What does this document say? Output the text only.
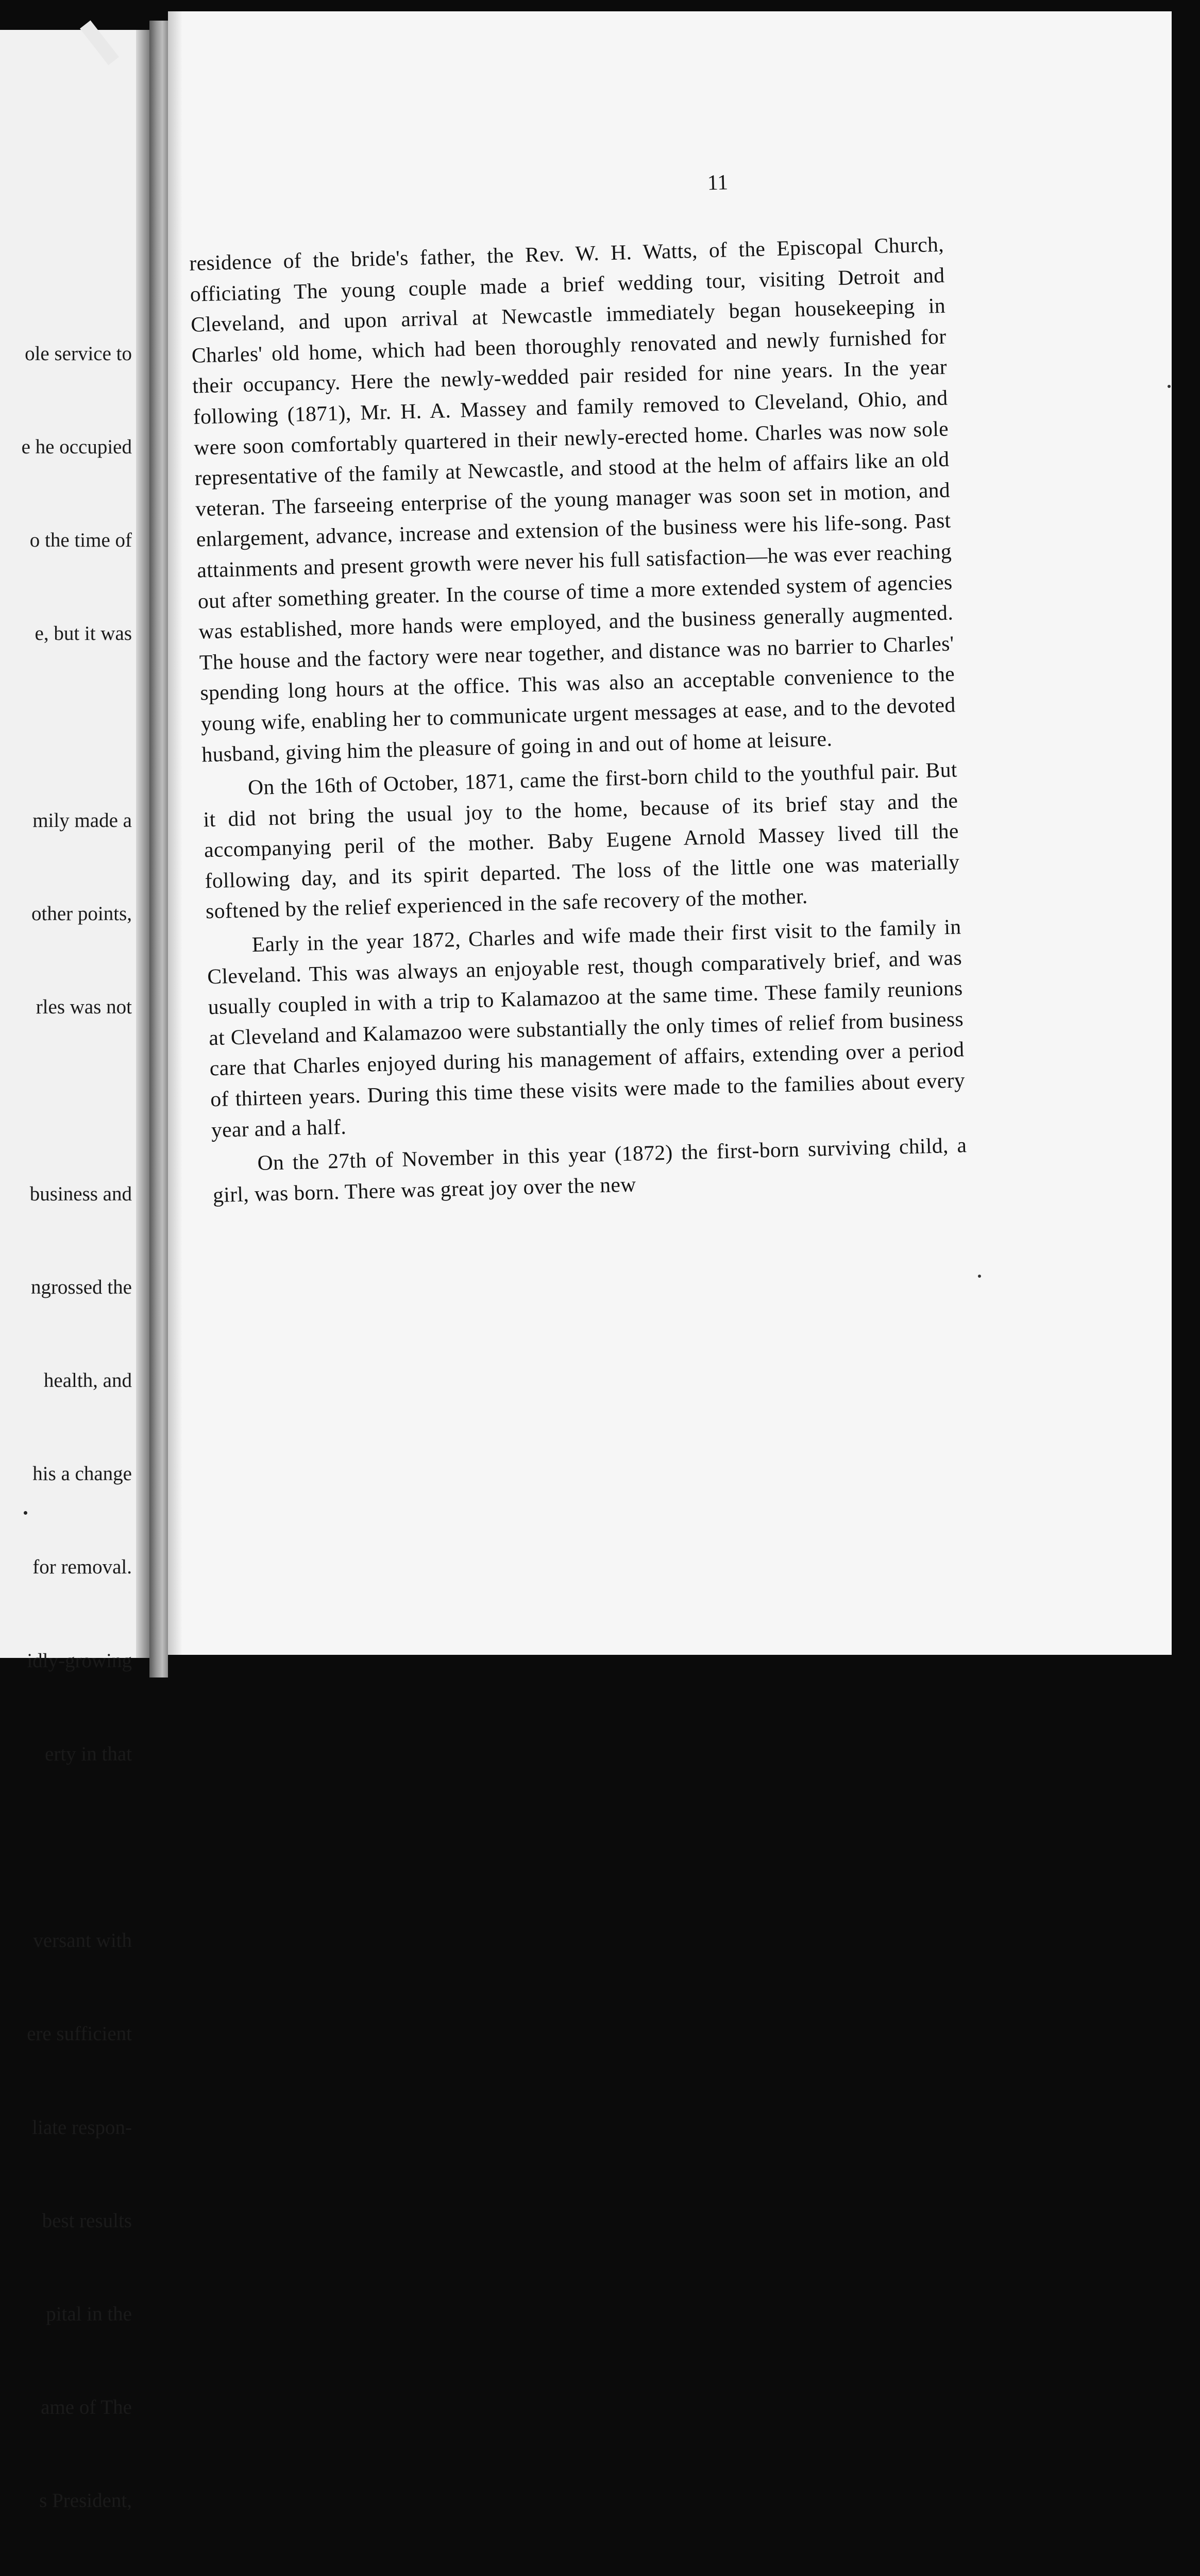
ole service to

e he occupied

o the time of

e, but it was

mily made a

other points,

rles was not

business and

ngrossed the

health, and

his a change

for removal.

idly-growing

erty in that

versant with

ere sufficient

liate respon-

best results

pital in the

ame of The

s President,

11

residence of the bride's father, the Rev. W. H. Watts, of the Episcopal Church, officiating The young couple made a brief wedding tour, visiting Detroit and Cleveland, and upon arrival at Newcastle immediately began housekeeping in Charles' old home, which had been thoroughly renovated and newly furnished for their occupancy. Here the newly-wedded pair resided for nine years. In the year following (1871), Mr. H. A. Massey and family removed to Cleveland, Ohio, and were soon comfortably quartered in their newly-erected home. Charles was now sole representative of the family at Newcastle, and stood at the helm of affairs like an old veteran. The farseeing enterprise of the young manager was soon set in motion, and enlargement, advance, increase and extension of the business were his life-song. Past attainments and present growth were never his full satisfaction—he was ever reaching out after something greater. In the course of time a more extended system of agencies was established, more hands were employed, and the business generally augmented. The house and the factory were near together, and distance was no barrier to Charles' spending long hours at the office. This was also an acceptable convenience to the young wife, enabling her to communicate urgent messages at ease, and to the devoted husband, giving him the pleasure of going in and out of home at leisure.

On the 16th of October, 1871, came the first-born child to the youthful pair. But it did not bring the usual joy to the home, because of its brief stay and the accompanying peril of the mother. Baby Eugene Arnold Massey lived till the following day, and its spirit departed. The loss of the little one was materially softened by the relief experienced in the safe recovery of the mother.

Early in the year 1872, Charles and wife made their first visit to the family in Cleveland. This was always an enjoyable rest, though comparatively brief, and was usually coupled in with a trip to Kalamazoo at the same time. These family reunions at Cleveland and Kalamazoo were substantially the only times of relief from business care that Charles enjoyed during his management of affairs, extending over a period of thirteen years. During this time these visits were made to the families about every year and a half.

On the 27th of November in this year (1872) the first-born surviving child, a girl, was born. There was great joy over the new
